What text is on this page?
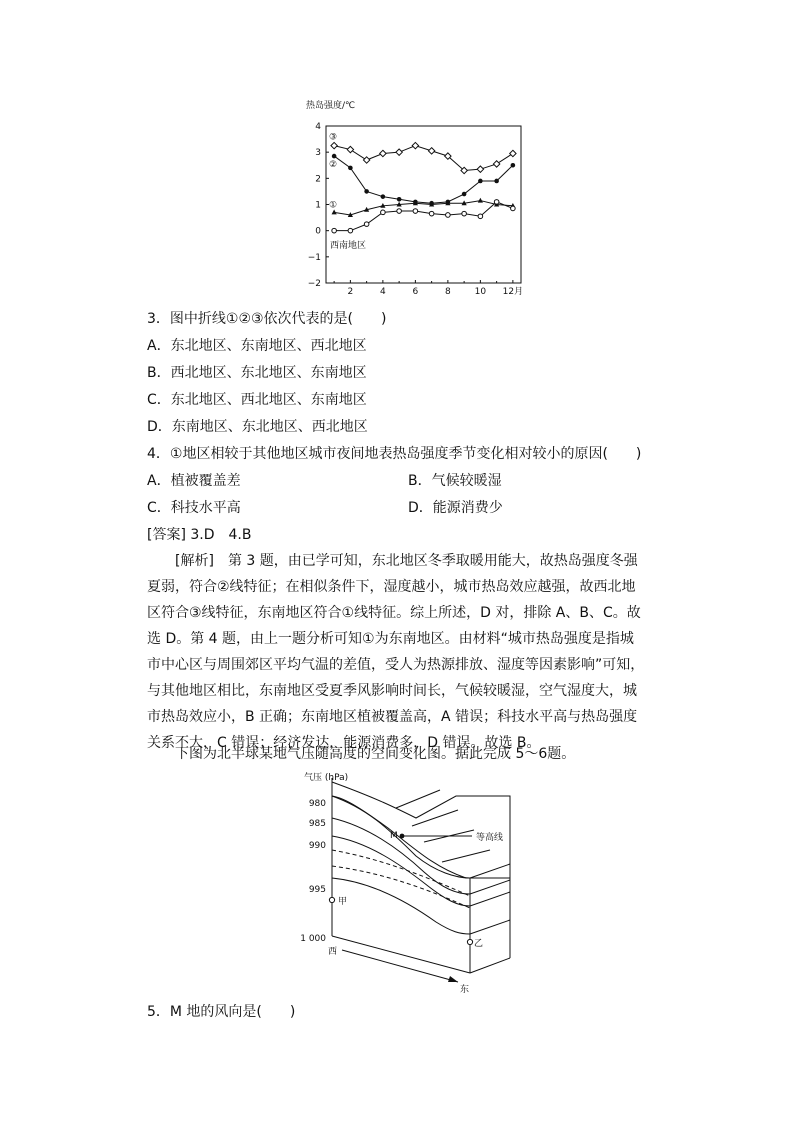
4
3
2
1
0
−1
−2
2	4	6	8	10 12月
③
②
①
西南地区
热岛强度/℃
3．图中折线①②③依次代表的是(　　)
A．东北地区、东南地区、西北地区
B．西北地区、东北地区、东南地区
C．东北地区、西北地区、东南地区
D．东南地区、东北地区、西北地区
4．①地区相较于其他地区城市夜间地表热岛强度季节变化相对较小的原因(　　)
A．植被覆盖差	B．气候较暖湿
C．科技水平高	D．能源消费少
[答案] 3.D　4.B
[解析]　 第 3 题，由已学可知，东北地区冬季取暖用能大，故热岛强度冬强夏弱，符合②线特征；在相似条件下，湿度越小，城市热岛效应越强，故西北地区符合③线特征，东南地区符合①线特征。综上所述，D 对，排除 A、B、C。故选 D。第 4 题，由上一题分析可知①为东南地区。由材料“城市热岛强度是指城市中心区与周围郊区平均气温的差值，受人为热源排放、湿度等因素影响”可知，与其他地区相比，东南地区受夏季风影响时间长，气候较暖湿，空气湿度大，城市热岛效应小，B 正确；东南地区植被覆盖高，A 错误；科技水平高与热岛强度关系不大，C 错误；经济发达，能源消费多，D 错误。故选 B。
下图为北半球某地气压随高度的空间变化图。据此完成 5～6题。
气压 (hPa)
980
985
990
995
1 000
M	等高线
甲
乙
西
东
5．M 地的风向是(　　)
